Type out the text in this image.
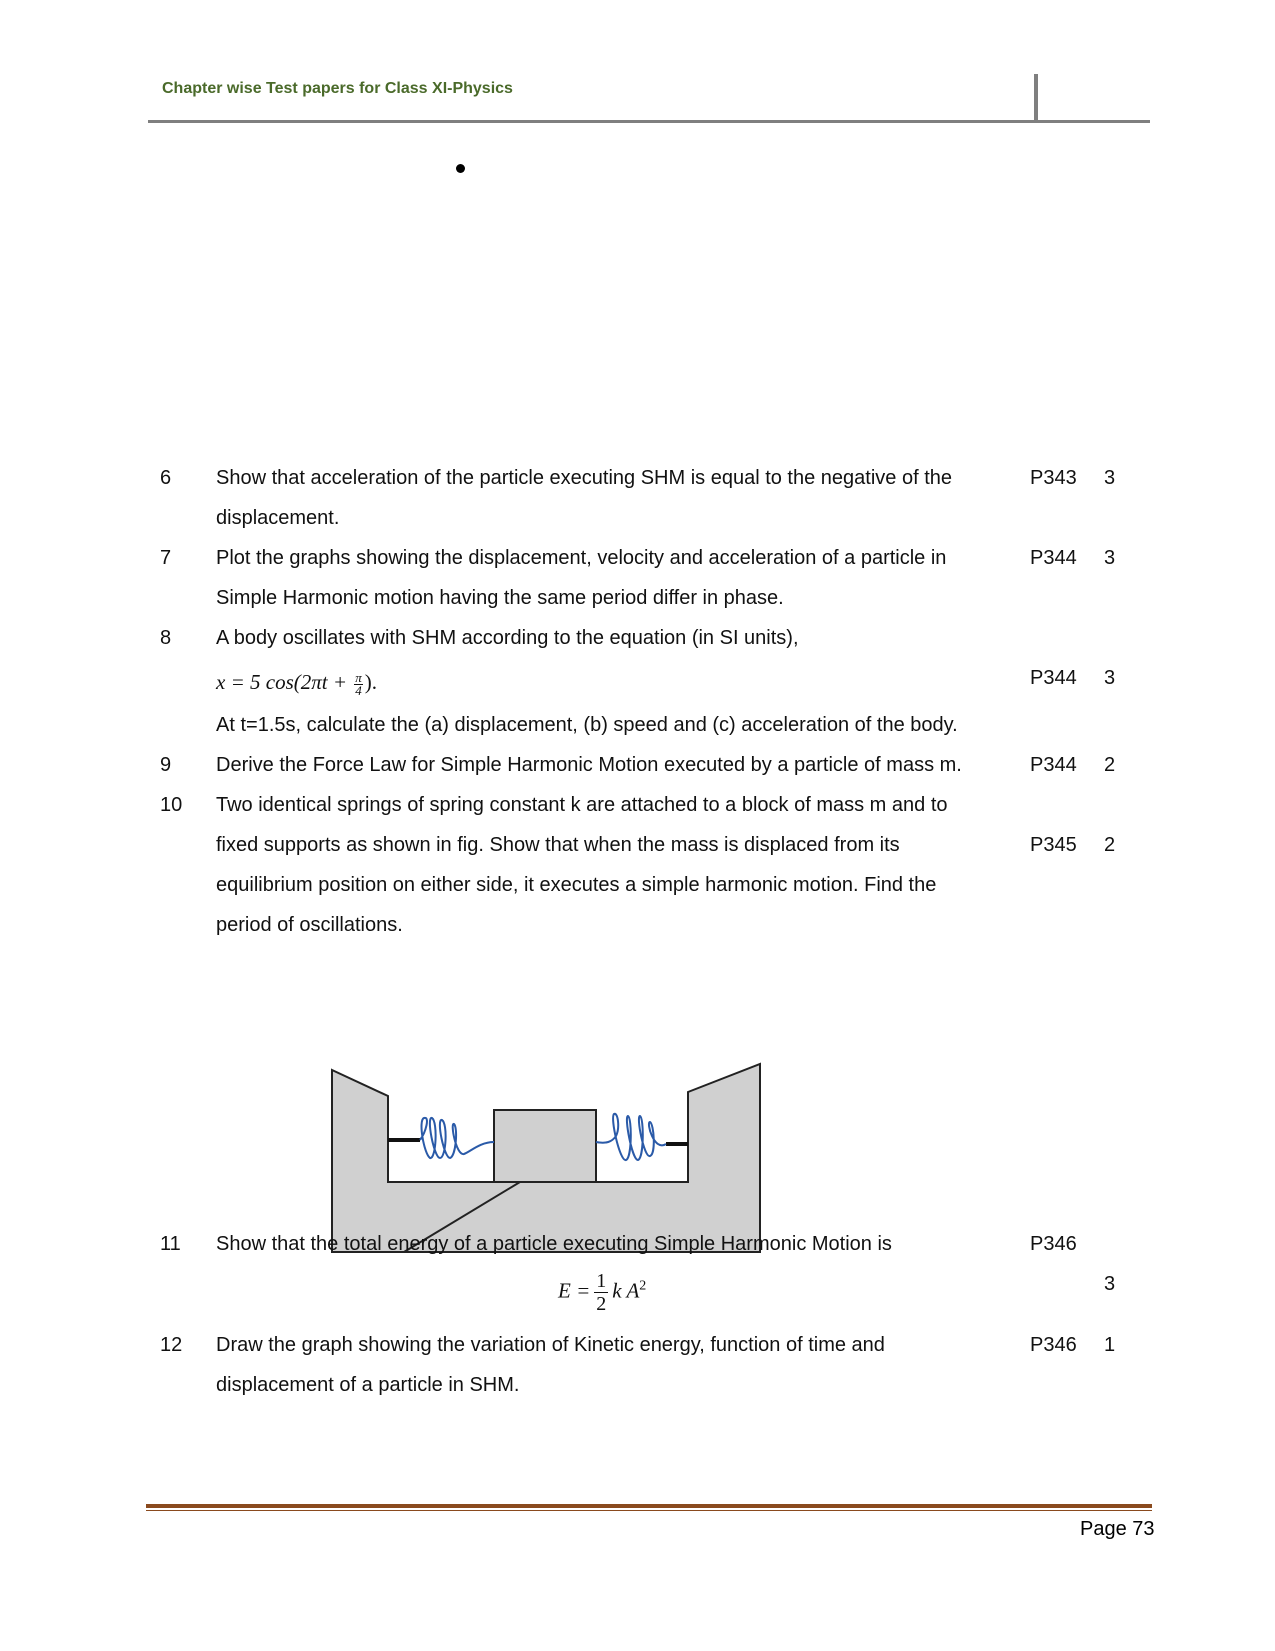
Chapter wise Test papers for Class XI-Physics
6 Show that acceleration of the particle executing SHM is equal to the negative of the
displacement.
P343 3
7 Plot the graphs showing the displacement, velocity and acceleration of a particle in
Simple Harmonic motion having the same period differ in phase.
P344 3
8 A body oscillates with SHM according to the equation (in SI units),
x = 5 $\cos(2\pi t + \frac{\pi}{4}$ ).
At t=1.5s, calculate the (a) displacement, (b) speed and (c) acceleration of the body.
P344 3
9 Derive the Force Law for Simple Harmonic Motion executed by a particle of mass m.	P344 2
10 Two identical springs of spring constant k are attached to a block of mass m and to
fixed supports as shown in fig. Show that when the mass is displaced from its
equilibrium position on either side, it executes a simple harmonic motion. Find the
period of oscillations.
P345 2
11 Show that the total energy of a particle executing Simple Harmonic Motion is
$E = \frac{1}{2}$ k $A^2$
P346
3
12 Draw the graph showing the variation of Kinetic energy, function of time and
displacement of a particle in SHM.
P346 1
Page 73
